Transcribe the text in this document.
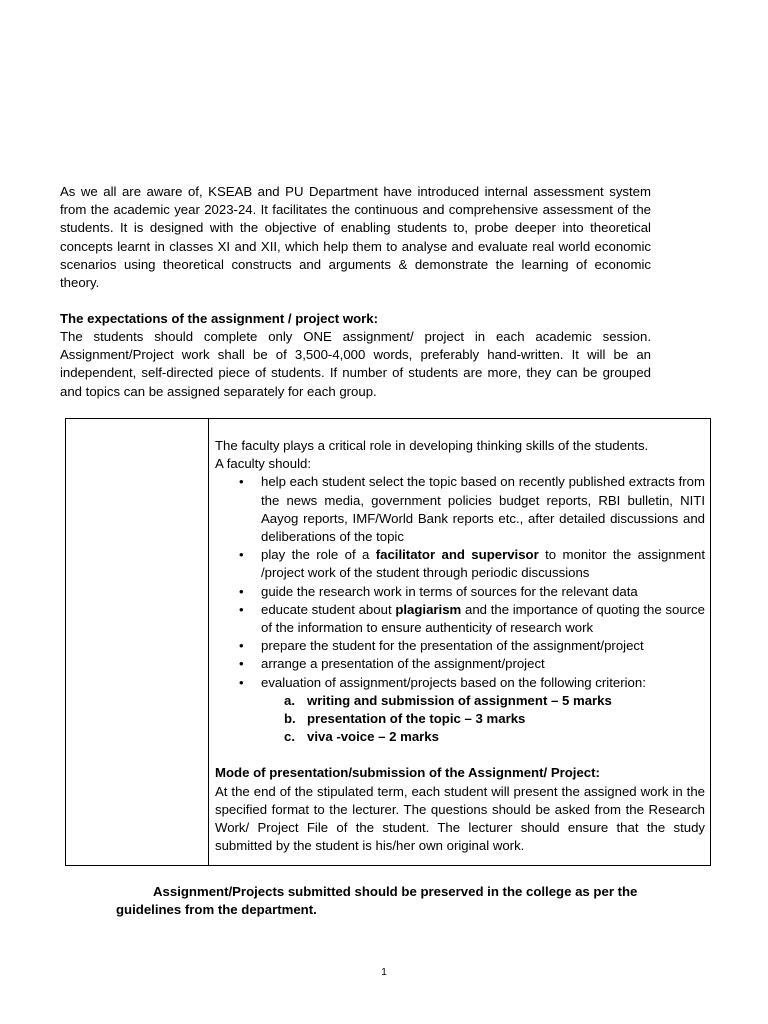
As we all are aware of, KSEAB and PU Department have introduced internal assessment system from the academic year 2023-24. It facilitates the continuous and comprehensive assessment of the students. It is designed with the objective of enabling students to, probe deeper into theoretical concepts learnt in classes XI and XII, which help them to analyse and evaluate real world economic scenarios using theoretical constructs and arguments & demonstrate the learning of economic theory.

The expectations of the assignment / project work:

The students should complete only ONE assignment/ project in each academic session. Assignment/Project work shall be of 3,500-4,000 words, preferably hand-written. It will be an independent, self-directed piece of students. If number of students are more, they can be grouped and topics can be assigned separately for each group.

The faculty plays a critical role in developing thinking skills of the students.

A faculty should:

• help each student select the topic based on recently published extracts from the news media, government policies budget reports, RBI bulletin, NITI Aayog reports, IMF/World Bank reports etc., after detailed discussions and deliberations of the topic
• play the role of a facilitator and supervisor to monitor the assignment /project work of the student through periodic discussions
• guide the research work in terms of sources for the relevant data
• educate student about plagiarism and the importance of quoting the source of the information to ensure authenticity of research work
• prepare the student for the presentation of the assignment/project
• arrange a presentation of the assignment/project
• evaluation of assignment/projects based on the following criterion:
a. writing and submission of assignment – 5 marks
b. presentation of the topic – 3 marks
c. viva -voice – 2 marks

Mode of presentation/submission of the Assignment/ Project:

At the end of the stipulated term, each student will present the assigned work in the specified format to the lecturer. The questions should be asked from the Research Work/ Project File of the student. The lecturer should ensure that the study submitted by the student is his/her own original work.

Assignment/Projects submitted should be preserved in the college as per the guidelines from the department.

1
